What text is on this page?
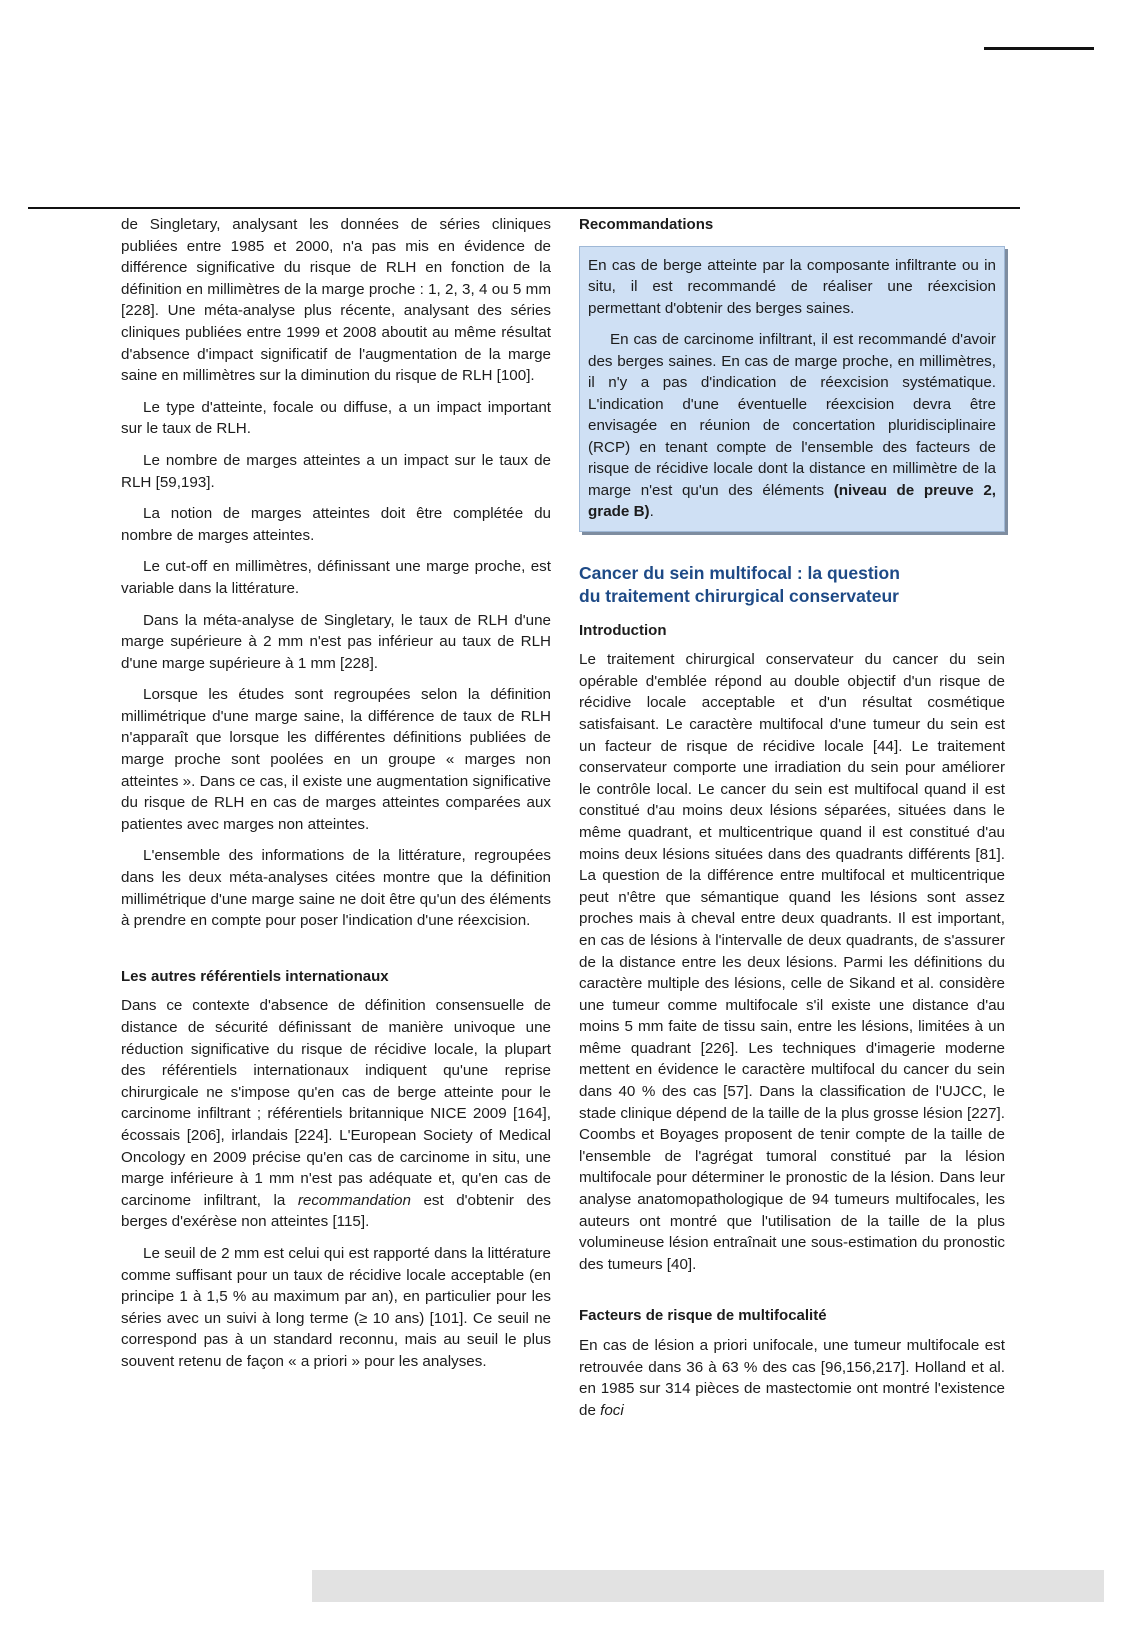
de Singletary, analysant les données de séries cliniques publiées entre 1985 et 2000, n'a pas mis en évidence de différence significative du risque de RLH en fonction de la définition en millimètres de la marge proche : 1, 2, 3, 4 ou 5 mm [228]. Une méta-analyse plus récente, analysant des séries cliniques publiées entre 1999 et 2008 aboutit au même résultat d'absence d'impact significatif de l'augmentation de la marge saine en millimètres sur la diminution du risque de RLH [100].

Le type d'atteinte, focale ou diffuse, a un impact important sur le taux de RLH.

Le nombre de marges atteintes a un impact sur le taux de RLH [59,193].

La notion de marges atteintes doit être complétée du nombre de marges atteintes.

Le cut-off en millimètres, définissant une marge proche, est variable dans la littérature.

Dans la méta-analyse de Singletary, le taux de RLH d'une marge supérieure à 2 mm n'est pas inférieur au taux de RLH d'une marge supérieure à 1 mm [228].

Lorsque les études sont regroupées selon la définition millimétrique d'une marge saine, la différence de taux de RLH n'apparaît que lorsque les différentes définitions publiées de marge proche sont poolées en un groupe « marges non atteintes ». Dans ce cas, il existe une augmentation significative du risque de RLH en cas de marges atteintes comparées aux patientes avec marges non atteintes.

L'ensemble des informations de la littérature, regroupées dans les deux méta-analyses citées montre que la définition millimétrique d'une marge saine ne doit être qu'un des éléments à prendre en compte pour poser l'indication d'une réexcision.

Les autres référentiels internationaux

Dans ce contexte d'absence de définition consensuelle de distance de sécurité définissant de manière univoque une réduction significative du risque de récidive locale, la plupart des référentiels internationaux indiquent qu'une reprise chirurgicale ne s'impose qu'en cas de berge atteinte pour le carcinome infiltrant ; référentiels britannique NICE 2009 [164], écossais [206], irlandais [224]. L'European Society of Medical Oncology en 2009 précise qu'en cas de carcinome in situ, une marge inférieure à 1 mm n'est pas adéquate et, qu'en cas de carcinome infiltrant, la recommandation est d'obtenir des berges d'exérèse non atteintes [115].

Le seuil de 2 mm est celui qui est rapporté dans la littérature comme suffisant pour un taux de récidive locale acceptable (en principe 1 à 1,5 % au maximum par an), en particulier pour les séries avec un suivi à long terme (≥ 10 ans) [101]. Ce seuil ne correspond pas à un standard reconnu, mais au seuil le plus souvent retenu de façon « a priori » pour les analyses.

Recommandations

En cas de berge atteinte par la composante infiltrante ou in situ, il est recommandé de réaliser une réexcision permettant d'obtenir des berges saines.

En cas de carcinome infiltrant, il est recommandé d'avoir des berges saines. En cas de marge proche, en millimètres, il n'y a pas d'indication de réexcision systématique. L'indication d'une éventuelle réexcision devra être envisagée en réunion de concertation pluridisciplinaire (RCP) en tenant compte de l'ensemble des facteurs de risque de récidive locale dont la distance en millimètre de la marge n'est qu'un des éléments (niveau de preuve 2, grade B).

Cancer du sein multifocal : la question

du traitement chirurgical conservateur

Introduction

Le traitement chirurgical conservateur du cancer du sein opérable d'emblée répond au double objectif d'un risque de récidive locale acceptable et d'un résultat cosmétique satisfaisant. Le caractère multifocal d'une tumeur du sein est un facteur de risque de récidive locale [44]. Le traitement conservateur comporte une irradiation du sein pour améliorer le contrôle local. Le cancer du sein est multifocal quand il est constitué d'au moins deux lésions séparées, situées dans le même quadrant, et multicentrique quand il est constitué d'au moins deux lésions situées dans des quadrants différents [81]. La question de la différence entre multifocal et multicentrique peut n'être que sémantique quand les lésions sont assez proches mais à cheval entre deux quadrants. Il est important, en cas de lésions à l'intervalle de deux quadrants, de s'assurer de la distance entre les deux lésions. Parmi les définitions du caractère multiple des lésions, celle de Sikand et al. considère une tumeur comme multifocale s'il existe une distance d'au moins 5 mm faite de tissu sain, entre les lésions, limitées à un même quadrant [226]. Les techniques d'imagerie moderne mettent en évidence le caractère multifocal du cancer du sein dans 40 % des cas [57]. Dans la classification de l'UJCC, le stade clinique dépend de la taille de la plus grosse lésion [227]. Coombs et Boyages proposent de tenir compte de la taille de l'ensemble de l'agrégat tumoral constitué par la lésion multifocale pour déterminer le pronostic de la lésion. Dans leur analyse anatomopathologique de 94 tumeurs multifocales, les auteurs ont montré que l'utilisation de la taille de la plus volumineuse lésion entraînait une sous-estimation du pronostic des tumeurs [40].

Facteurs de risque de multifocalité

En cas de lésion a priori unifocale, une tumeur multifocale est retrouvée dans 36 à 63 % des cas [96,156,217]. Holland et al. en 1985 sur 314 pièces de mastectomie ont montré l'existence de foci
